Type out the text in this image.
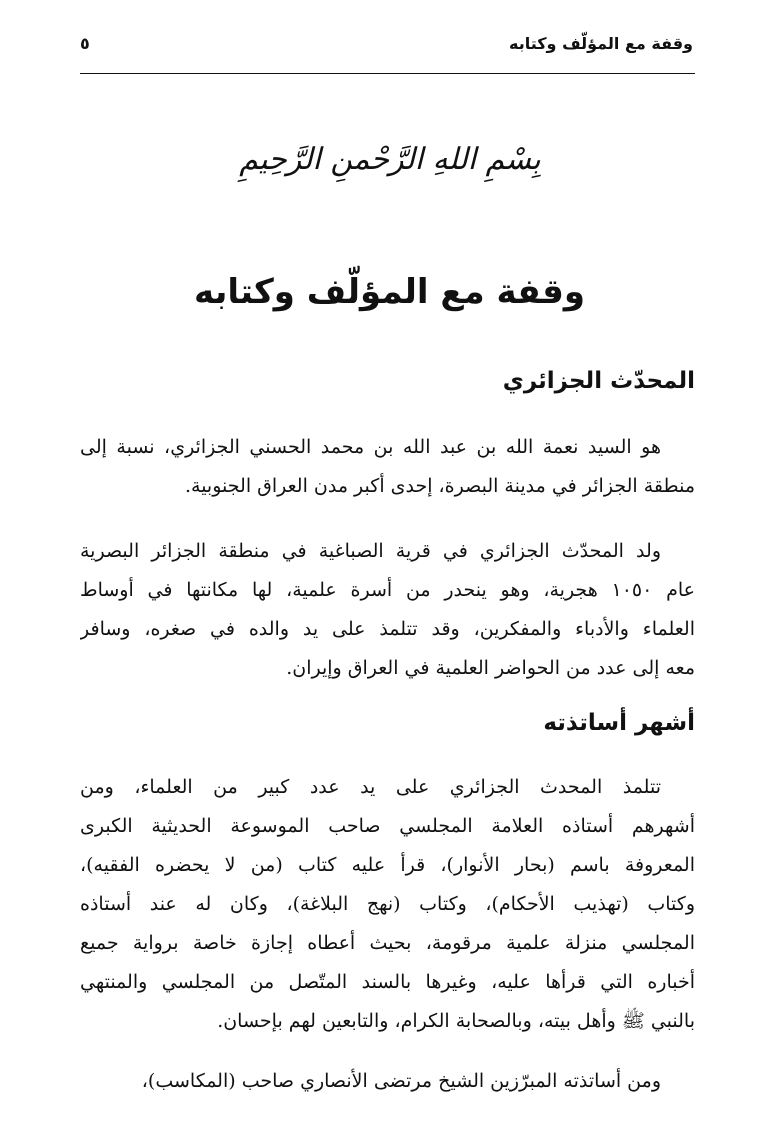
وقفة مع المؤلّف وكتابه
٥
بِسْمِ اللهِ الرَّحْمنِ الرَّحِيمِ
وقفة مع المؤلّف وكتابه
المحدّث الجزائري
هو السيد نعمة الله بن عبد الله بن محمد الحسني الجزائري، نسبة إلى
منطقة الجزائر في مدينة البصرة، إحدى أكبر مدن العراق الجنوبية.
ولد المحدّث الجزائري في قرية الصباغية في منطقة الجزائر البصرية
عام ١٠٥٠ هجرية، وهو ينحدر من أسرة علمية، لها مكانتها في أوساط
العلماء والأدباء والمفكرين، وقد تتلمذ على يد والده في صغره، وسافر
معه إلى عدد من الحواضر العلمية في العراق وإيران.
أشهر أساتذته
تتلمذ المحدث الجزائري على يد عدد كبير من العلماء، ومن
أشهرهم أستاذه العلامة المجلسي صاحب الموسوعة الحديثية الكبرى
المعروفة باسم (بحار الأنوار)، قرأ عليه كتاب (من لا يحضره الفقيه)،
وكتاب (تهذيب الأحكام)، وكتاب (نهج البلاغة)، وكان له عند أستاذه
المجلسي منزلة علمية مرقومة، بحيث أعطاه إجازة خاصة برواية جميع
أخباره التي قرأها عليه، وغيرها بالسند المتّصل من المجلسي والمنتهي
بالنبي ﷺ وأهل بيته، وبالصحابة الكرام، والتابعين لهم بإحسان.
ومن أساتذته المبرّزين الشيخ مرتضى الأنصاري صاحب (المكاسب)،
